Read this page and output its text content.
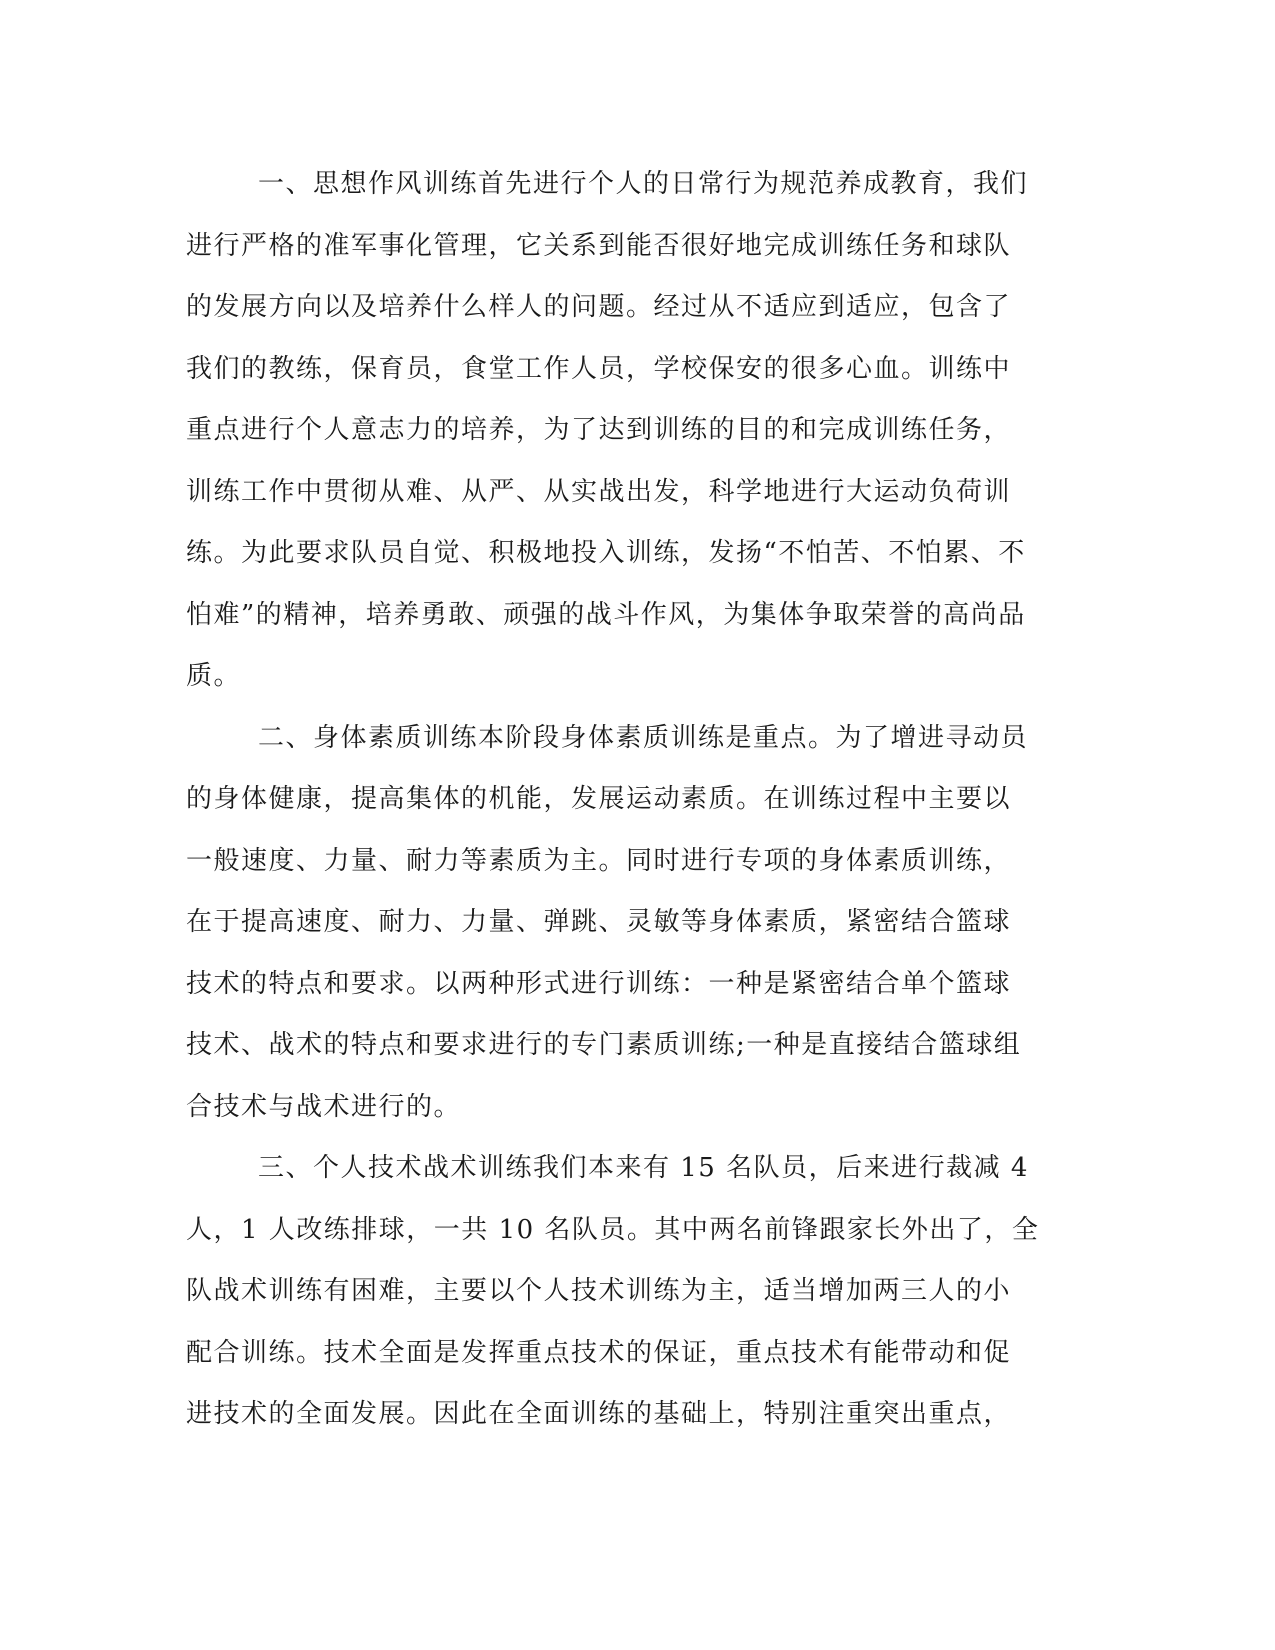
一、思想作风训练首先进行个人的日常行为规范养成教育，我们
进行严格的准军事化管理，它关系到能否很好地完成训练任务和球队
的发展方向以及培养什么样人的问题。经过从不适应到适应，包含了
我们的教练，保育员，食堂工作人员，学校保安的很多心血。训练中
重点进行个人意志力的培养，为了达到训练的目的和完成训练任务，
训练工作中贯彻从难、从严、从实战出发，科学地进行大运动负荷训
练。为此要求队员自觉、积极地投入训练，发扬“不怕苦、不怕累、不
怕难”的精神，培养勇敢、顽强的战斗作风，为集体争取荣誉的高尚品
质。
二、身体素质训练本阶段身体素质训练是重点。为了增进寻动员
的身体健康，提高集体的机能，发展运动素质。在训练过程中主要以
一般速度、力量、耐力等素质为主。同时进行专项的身体素质训练，
在于提高速度、耐力、力量、弹跳、灵敏等身体素质，紧密结合篮球
技术的特点和要求。以两种形式进行训练：一种是紧密结合单个篮球
技术、战术的特点和要求进行的专门素质训练;一种是直接结合篮球组
合技术与战术进行的。
三、个人技术战术训练我们本来有 15 名队员，后来进行裁减 4
人，1 人改练排球，一共 10 名队员。其中两名前锋跟家长外出了，全
队战术训练有困难，主要以个人技术训练为主，适当增加两三人的小
配合训练。技术全面是发挥重点技术的保证，重点技术有能带动和促
进技术的全面发展。因此在全面训练的基础上，特别注重突出重点，
